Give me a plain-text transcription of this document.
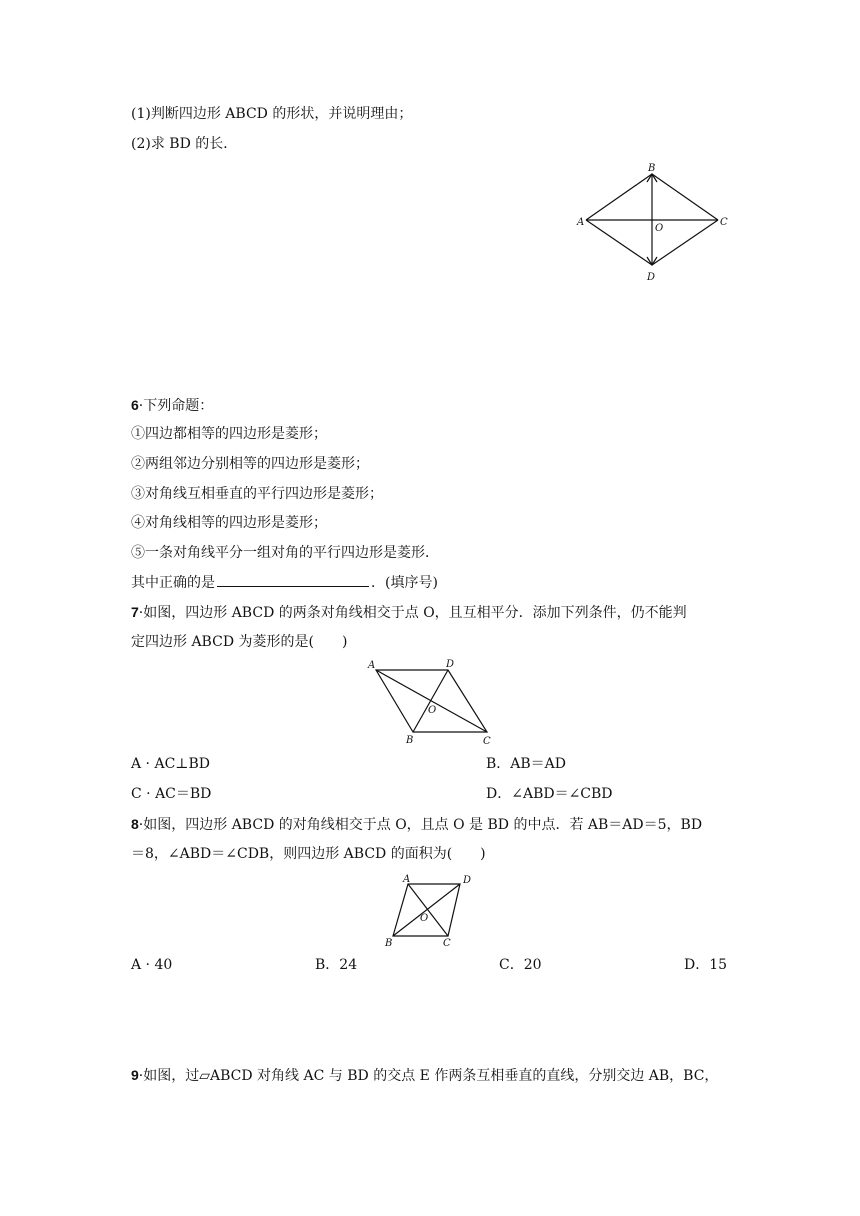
(1)判断四边形 ABCD 的形状，并说明理由；
(2)求 BD 的长．
A
B
C
D
O
6·下列命题：
①四边都相等的四边形是菱形；
②两组邻边分别相等的四边形是菱形；
③对角线互相垂直的平行四边形是菱形；
④对角线相等的四边形是菱形；
⑤一条对角线平分一组对角的平行四边形是菱形．
其中正确的是	．(填序号)
7·如图，四边形 ABCD 的两条对角线相交于点 O，且互相平分．添加下列条件，仍不能判
定四边形 ABCD 为菱形的是(　　)
A	D
B	C
O
A · AC⊥BD	B．AB＝AD
C · AC＝BD	D．∠ABD＝∠CBD
8·如图，四边形 ABCD 的对角线相交于点 O，且点 O 是 BD 的中点．若 AB＝AD＝5，BD
＝8，∠ABD＝∠CDB，则四边形 ABCD 的面积为(　　)
A	D
B	C
O
A · 40	B．24	C．20	D．15
9·如图，过▱ABCD 对角线 AC 与 BD 的交点 E 作两条互相垂直的直线，分别交边 AB，BC，
